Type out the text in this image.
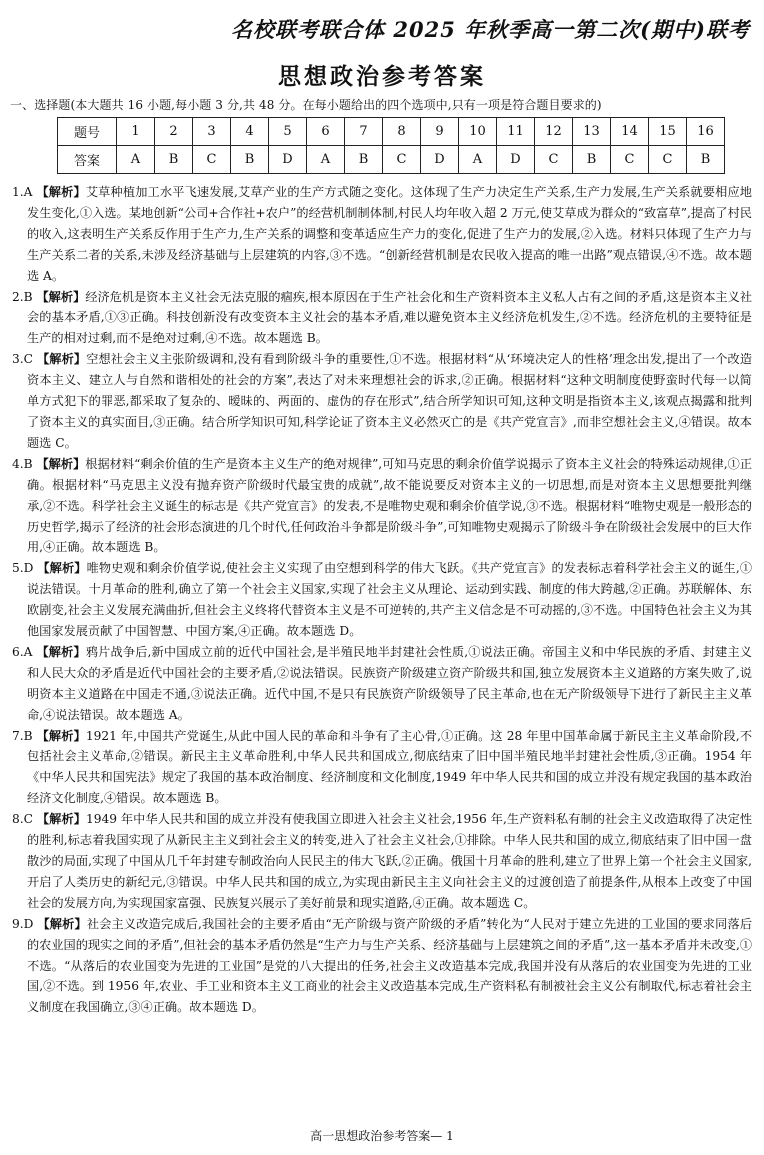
名校联考联合体 2025 年秋季高一第二次(期中)联考
思想政治参考答案
一、选择题(本大题共 16 小题,每小题 3 分,共 48 分。在每小题给出的四个选项中,只有一项是符合题目要求的)
题号	1	2	3	4	5	6	7	8	9	10	11	12	13	14	15	16
答案	A	B	C	B	D	A	B	C	D	A	D	C	B	C	C	B

1.A 【解析】艾草种植加工水平飞速发展,艾草产业的生产方式随之变化。这体现了生产力决定生产关系,生产力发展,生产关系就要相应地发生变化,①入选。某地创新“公司+合作社+农户”的经营机制制体制,村民人均年收入超 2 万元,使艾草成为群众的“致富草”,提高了村民的收入,这表明生产关系反作用于生产力,生产关系的调整和变革适应生产力的变化,促进了生产力的发展,②入选。材料只体现了生产力与生产关系二者的关系,未涉及经济基础与上层建筑的内容,③不选。“创新经营机制是农民收入提高的唯一出路”观点错误,④不选。故本题选 A。

2.B 【解析】经济危机是资本主义社会无法克服的痼疾,根本原因在于生产社会化和生产资料资本主义私人占有之间的矛盾,这是资本主义社会的基本矛盾,①③正确。科技创新没有改变资本主义社会的基本矛盾,难以避免资本主义经济危机发生,②不选。经济危机的主要特征是生产的相对过剩,而不是绝对过剩,④不选。故本题选 B。

3.C 【解析】空想社会主义主张阶级调和,没有看到阶级斗争的重要性,①不选。根据材料“从‘环境决定人的性格’理念出发,提出了一个改造资本主义、建立人与自然和谐相处的社会的方案”,表达了对未来理想社会的诉求,②正确。根据材料“这种文明制度使野蛮时代每一以简单方式犯下的罪恶,都采取了复杂的、暧昧的、两面的、虚伪的存在形式”,结合所学知识可知,这种文明是指资本主义,该观点揭露和批判了资本主义的真实面目,③正确。结合所学知识可知,科学论证了资本主义必然灭亡的是《共产党宣言》,而非空想社会主义,④错误。故本题选 C。

4.B 【解析】根据材料“剩余价值的生产是资本主义生产的绝对规律”,可知马克思的剩余价值学说揭示了资本主义社会的特殊运动规律,①正确。根据材料“马克思主义没有抛弃资产阶级时代最宝贵的成就”,故不能说要反对资本主义的一切思想,而是对资本主义思想要批判继承,②不选。科学社会主义诞生的标志是《共产党宣言》的发表,不是唯物史观和剩余价值学说,③不选。根据材料“唯物史观是一般形态的历史哲学,揭示了经济的社会形态演进的几个时代,任何政治斗争都是阶级斗争”,可知唯物史观揭示了阶级斗争在阶级社会发展中的巨大作用,④正确。故本题选 B。

5.D 【解析】唯物史观和剩余价值学说,使社会主义实现了由空想到科学的伟大飞跃。《共产党宣言》的发表标志着科学社会主义的诞生,①说法错误。十月革命的胜利,确立了第一个社会主义国家,实现了社会主义从理论、运动到实践、制度的伟大跨越,②正确。苏联解体、东欧剧变,社会主义发展充满曲折,但社会主义终将代替资本主义是不可逆转的,共产主义信念是不可动摇的,③不选。中国特色社会主义为其他国家发展贡献了中国智慧、中国方案,④正确。故本题选 D。

6.A 【解析】鸦片战争后,新中国成立前的近代中国社会,是半殖民地半封建社会性质,①说法正确。帝国主义和中华民族的矛盾、封建主义和人民大众的矛盾是近代中国社会的主要矛盾,②说法错误。民族资产阶级建立资产阶级共和国,独立发展资本主义道路的方案失败了,说明资本主义道路在中国走不通,③说法正确。近代中国,不是只有民族资产阶级领导了民主革命,也在无产阶级领导下进行了新民主主义革命,④说法错误。故本题选 A。

7.B 【解析】1921 年,中国共产党诞生,从此中国人民的革命和斗争有了主心骨,①正确。这 28 年里中国革命属于新民主主义革命阶段,不包括社会主义革命,②错误。新民主主义革命胜利,中华人民共和国成立,彻底结束了旧中国半殖民地半封建社会性质,③正确。1954 年《中华人民共和国宪法》规定了我国的基本政治制度、经济制度和文化制度,1949 年中华人民共和国的成立并没有规定我国的基本政治经济文化制度,④错误。故本题选 B。

8.C 【解析】1949 年中华人民共和国的成立并没有使我国立即进入社会主义社会,1956 年,生产资料私有制的社会主义改造取得了决定性的胜利,标志着我国实现了从新民主主义到社会主义的转变,进入了社会主义社会,①排除。中华人民共和国的成立,彻底结束了旧中国一盘散沙的局面,实现了中国从几千年封建专制政治向人民民主的伟大飞跃,②正确。俄国十月革命的胜利,建立了世界上第一个社会主义国家,开启了人类历史的新纪元,③错误。中华人民共和国的成立,为实现由新民主主义向社会主义的过渡创造了前提条件,从根本上改变了中国社会的发展方向,为实现国家富强、民族复兴展示了美好前景和现实道路,④正确。故本题选 C。

9.D 【解析】社会主义改造完成后,我国社会的主要矛盾由“无产阶级与资产阶级的矛盾”转化为“人民对于建立先进的工业国的要求同落后的农业国的现实之间的矛盾”,但社会的基本矛盾仍然是“生产力与生产关系、经济基础与上层建筑之间的矛盾”,这一基本矛盾并未改变,①不选。“从落后的农业国变为先进的工业国”是党的八大提出的任务,社会主义改造基本完成,我国并没有从落后的农业国变为先进的工业国,②不选。到 1956 年,农业、手工业和资本主义工商业的社会主义改造基本完成,生产资料私有制被社会主义公有制取代,标志着社会主义制度在我国确立,③④正确。故本题选 D。

高一思想政治参考答案— 1
